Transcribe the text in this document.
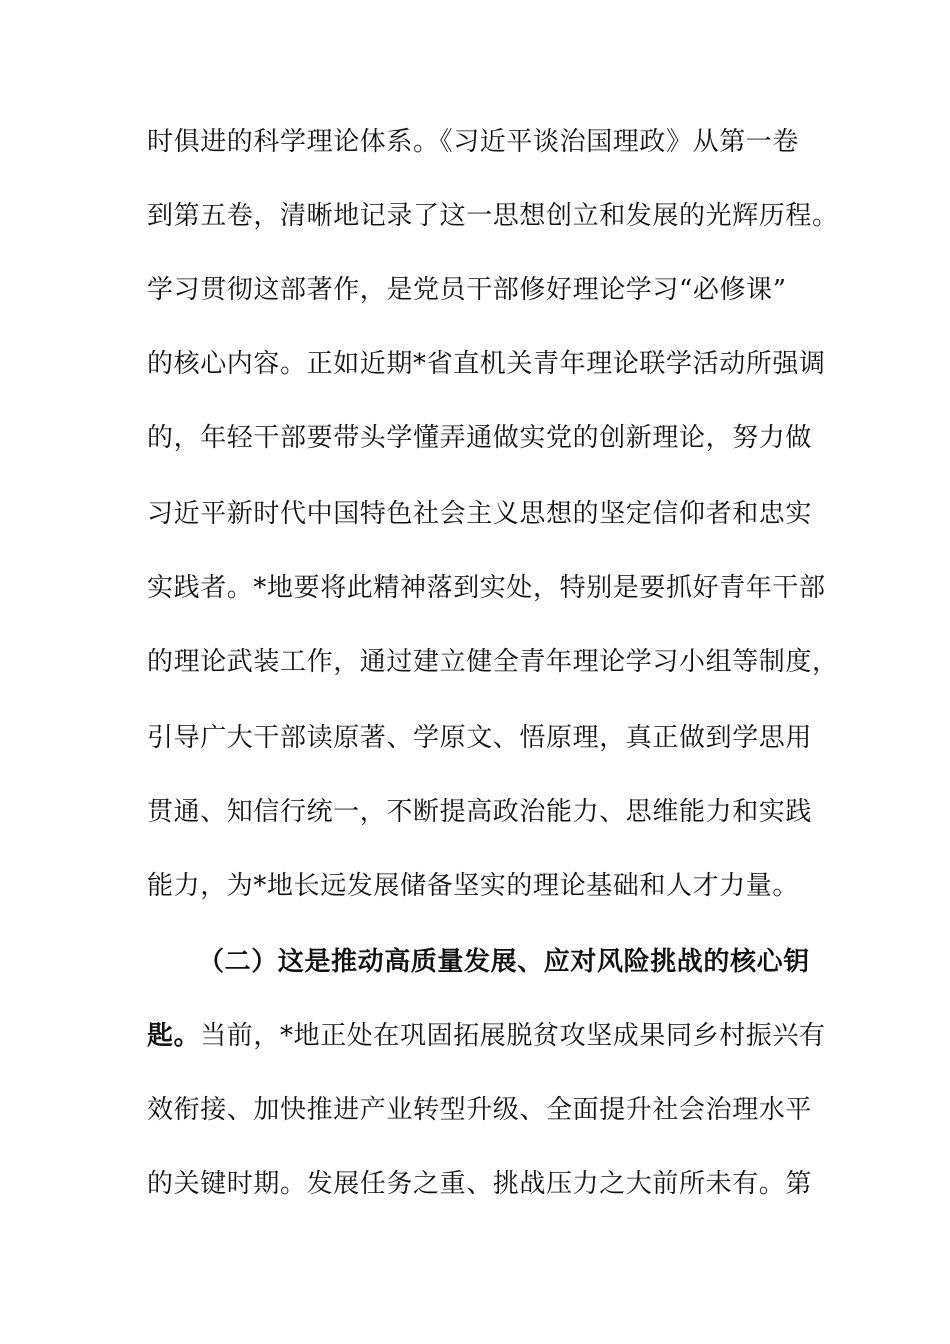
时俱进的科学理论体系。《习近平谈治国理政》从第一卷
到第五卷，清晰地记录了这一思想创立和发展的光辉历程。
学习贯彻这部著作，是党员干部修好理论学习“必修课”
的核心内容。正如近期*省直机关青年理论联学活动所强调
的，年轻干部要带头学懂弄通做实党的创新理论，努力做
习近平新时代中国特色社会主义思想的坚定信仰者和忠实
实践者。*地要将此精神落到实处，特别是要抓好青年干部
的理论武装工作，通过建立健全青年理论学习小组等制度，
引导广大干部读原著、学原文、悟原理，真正做到学思用
贯通、知信行统一，不断提高政治能力、思维能力和实践
能力，为*地长远发展储备坚实的理论基础和人才力量。
（二）这是推动高质量发展、应对风险挑战的核心钥
匙。当前，*地正处在巩固拓展脱贫攻坚成果同乡村振兴有
效衔接、加快推进产业转型升级、全面提升社会治理水平
的关键时期。发展任务之重、挑战压力之大前所未有。第
